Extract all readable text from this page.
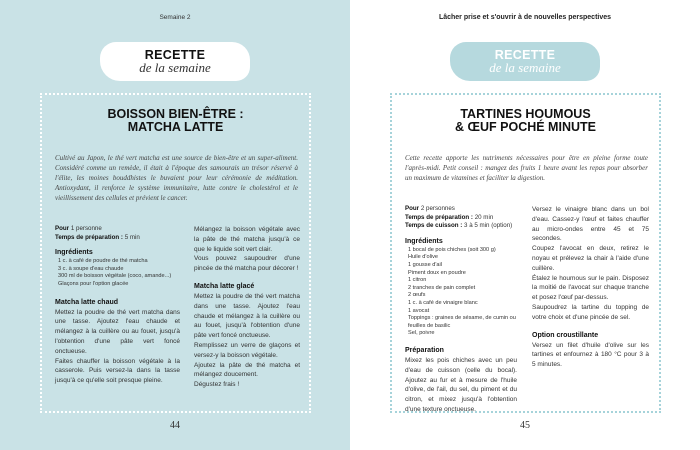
Semaine 2
RECETTE
de la semaine
BOISSON BIEN-ÊTRE :
MATCHA LATTE

Cultivé au Japon, le thé vert matcha est une source de bien-être et un super-aliment. Considéré comme un remède, il était à l'époque des samourais un trésor réservé à l'élite, les moines bouddhistes le buvaient pour leur cérémonie de méditation. Antioxydant, il renforce le système immunitaire, lutte contre le cholestérol et le vieillissement des cellules et prévient le cancer.

Pour 1 personne
Temps de préparation : 5 min
Ingrédients
1 c. à café de poudre de thé matcha
3 c. à soupe d'eau chaude
300 ml de boisson végétale (coco, amande...)
Glaçons pour l'option glacée
Matcha latte chaud

Mettez la poudre de thé vert matcha dans une tasse. Ajoutez l'eau chaude et mélangez à la cuillère ou au fouet, jusqu'à l'obtention d'une pâte vert foncé onctueuse.

Faites chauffer la boisson végétale à la casserole. Puis versez-la dans la tasse jusqu'à ce qu'elle soit presque pleine.

Mélangez la boisson végétale avec la pâte de thé matcha jusqu'à ce que le liquide soit vert clair.

Vous pouvez saupoudrer d'une pincée de thé matcha pour décorer !

Matcha latte glacé

Mettez la poudre de thé vert matcha dans une tasse. Ajoutez l'eau chaude et mélangez à la cuillère ou au fouet, jusqu'à l'obtention d'une pâte vert foncé onctueuse.

Remplissez un verre de glaçons et versez-y la boisson végétale.

Ajoutez la pâte de thé matcha et mélangez doucement.

Dégustez frais !

44
Lâcher prise et s'ouvrir à de nouvelles perspectives
RECETTE
de la semaine
TARTINES HOUMOUS
& ŒUF POCHÉ MINUTE

Cette recette apporte les nutriments nécessaires pour être en pleine forme toute l'après-midi. Petit conseil : mangez des fruits 1 heure avant les repas pour absorber un maximum de vitamines et faciliter la digestion.

Pour 2 personnes
Temps de préparation : 20 min
Temps de cuisson : 3 à 5 min (option)
Ingrédients
1 bocal de pois chiches (soit 300 g)
Huile d'olive
1 gousse d'ail
Piment doux en poudre
1 citron
2 tranches de pain complet
2 œufs
1 c. à café de vinaigre blanc
1 avocat
Toppings : graines de sésame, de cumin ou feuilles de basilic
Sel, poivre
Préparation

Mixez les pois chiches avec un peu d'eau de cuisson (celle du bocal). Ajoutez au fur et à mesure de l'huile d'olive, de l'ail, du sel, du piment et du citron, et mixez jusqu'à l'obtention d'une texture onctueuse.

Versez le vinaigre blanc dans un bol d'eau. Cassez-y l'œuf et faites chauffer au micro-ondes entre 45 et 75 secondes.

Coupez l'avocat en deux, retirez le noyau et prélevez la chair à l'aide d'une cuillère.

Étalez le houmous sur le pain. Disposez la moitié de l'avocat sur chaque tranche et posez l'œuf par-dessus.

Saupoudrez la tartine du topping de votre choix et d'une pincée de sel.

Option croustillante

Versez un filet d'huile d'olive sur les tartines et enfournez à 180 °C pour 3 à 5 minutes.

45
